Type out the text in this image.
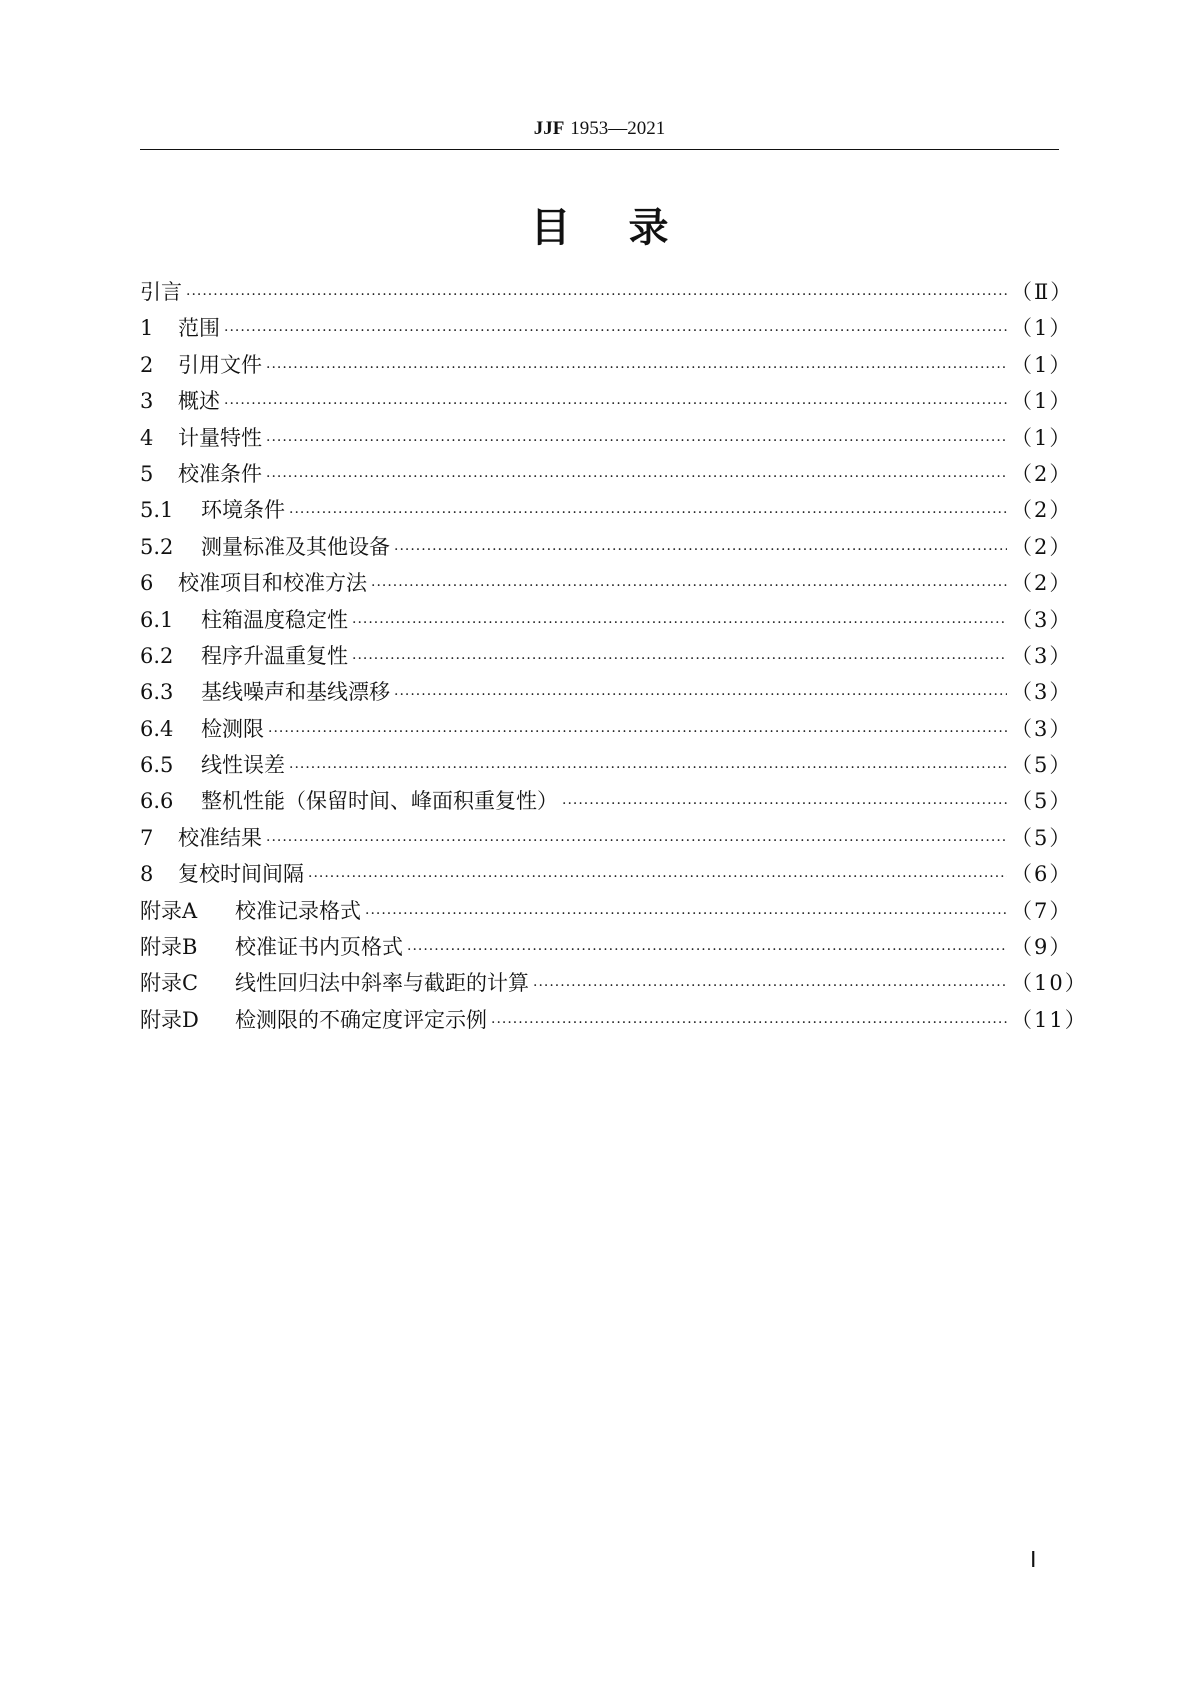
JJF 1953—2021
目录
引言 ·····	（Ⅱ）
1	范围 ·····	（1）
2	引用文件 ·····	（1）
3	概述 ·····	（1）
4	计量特性 ·····	（1）
5	校准条件 ·····	（2）
5.1	环境条件 ·····	（2）
5.2	测量标准及其他设备 ·····	（2）
6	校准项目和校准方法 ·····	（2）
6.1	柱箱温度稳定性 ·····	（3）
6.2	程序升温重复性 ·····	（3）
6.3	基线噪声和基线漂移 ·····	（3）
6.4	检测限 ·····	（3）
6.5	线性误差 ·····	（5）
6.6	整机性能（保留时间、峰面积重复性） ·····	（5）
7	校准结果 ·····	（5）
8	复校时间间隔 ·····	（6）
附录A	校准记录格式 ·····	（7）
附录B	校准证书内页格式 ·····	（9）
附录C	线性回归法中斜率与截距的计算 ·····	（10）
附录D	检测限的不确定度评定示例 ·····	（11）
Ⅰ
